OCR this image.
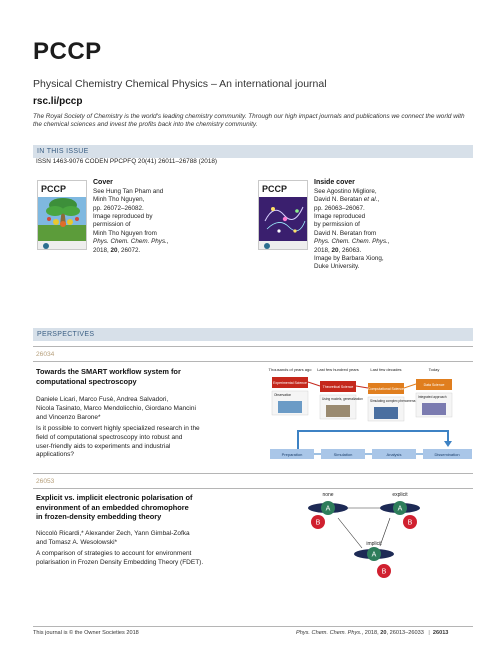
PCCP
Physical Chemistry Chemical Physics – An international journal
rsc.li/pccp
The Royal Society of Chemistry is the world's leading chemistry community. Through our high impact journals and publications we connect the world with the chemical sciences and invest the profits back into the chemistry community.
IN THIS ISSUE
ISSN 1463-9076 CODEN PPCPFQ 20(41) 26011–26788 (2018)
PCCP
Cover
See Hung Tan Pham and
Minh Tho Nguyen,
pp. 26072–26082.
Image reproduced by
permission of
Minh Tho Nguyen from
Phys. Chem. Chem. Phys.,
2018, 20, 26072.
PCCP
Inside cover
See Agostino Migliore,
David N. Beratan et al.,
pp. 26063–26067.
Image reproduced
by permission of
David N. Beratan from
Phys. Chem. Chem. Phys.,
2018, 20, 26063.
Image by Barbara Xiong,
Duke University.
PERSPECTIVES
26034
Towards the SMART workflow system for
computational spectroscopy
Daniele Licari, Marco Fusè, Andrea Salvadori,
Nicola Tasinato, Marco Mendolicchio, Giordano Mancini
and Vincenzo Barone*
Is it possible to convert highly specialized research in the
field of computational spectroscopy into robust and
user-friendly aids to experiments and industrial
applications?
Thousands of years ago Last few hundred years	Last few decades	Today
Experimental Science
Theoretical Science	Computational Science
Data Science
Observation
Using models, generalization Simulating complex phenomena
Integrated approach
Preparation	Simulation	Analysis	Dissemination
26053
Explicit vs. implicit electronic polarisation of
environment of an embedded chromophore
in frozen-density embedding theory
Niccolò Ricardi,* Alexander Zech, Yann Gimbal-Zofka
and Tomasz A. Wesolowski*
A comparison of strategies to account for environment
polarisation in Frozen Density Embedding Theory (FDET).
none	explicit
A
B
A
B
implicit
A
B
This journal is © the Owner Societies 2018	Phys. Chem. Chem. Phys., 2018, 20, 26013–26033 | 26013
